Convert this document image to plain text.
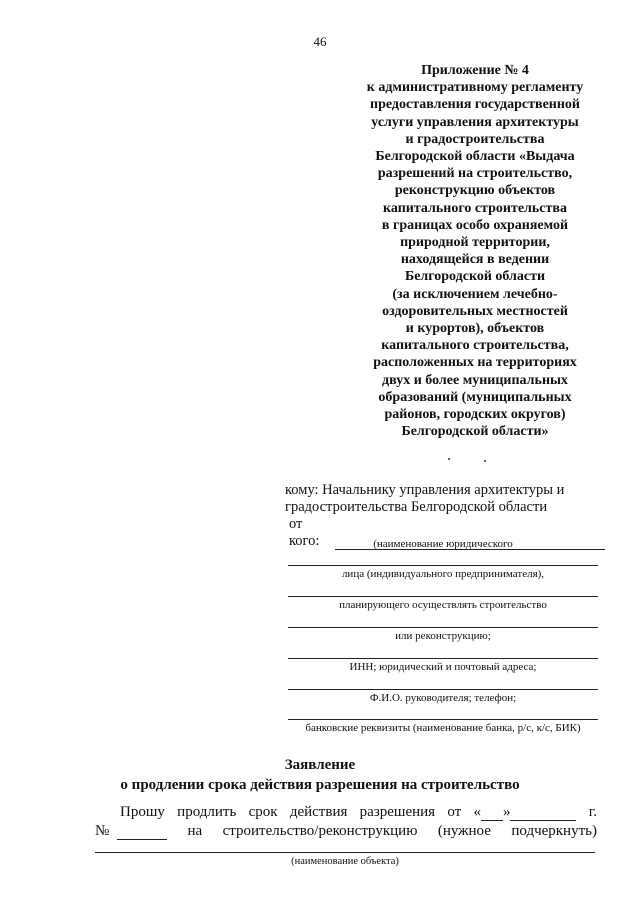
46
Приложение № 4
к административному регламенту
предоставления государственной
услуги управления архитектуры
и градостроительства
Белгородской области «Выдача
разрешений на строительство,
реконструкцию объектов
капитального строительства
в границах особо охраняемой
природной территории,
находящейся в ведении
Белгородской области
(за исключением лечебно-
оздоровительных местностей
и курортов), объектов
капитального строительства,
расположенных на территориях
двух и более муниципальных
образований (муниципальных
районов, городских округов)
Белгородской области»
кому: Начальнику управления архитектуры и
градостроительства Белгородской области
от кого:	(наименование юридического
лица (индивидуального предпринимателя),
планирующего осуществлять строительство
или реконструкцию;
ИНН; юридический и почтовый адреса;
Ф.И.О. руководителя; телефон;
банковские реквизиты (наименование банка, р/с, к/с, БИК)
Заявление
о продлении срока действия разрешения на строительство
Прошу продлить срок действия разрешения от « »	г.
№	на строительство/реконструкцию (нужное подчеркнуть)
(наименование объекта)
